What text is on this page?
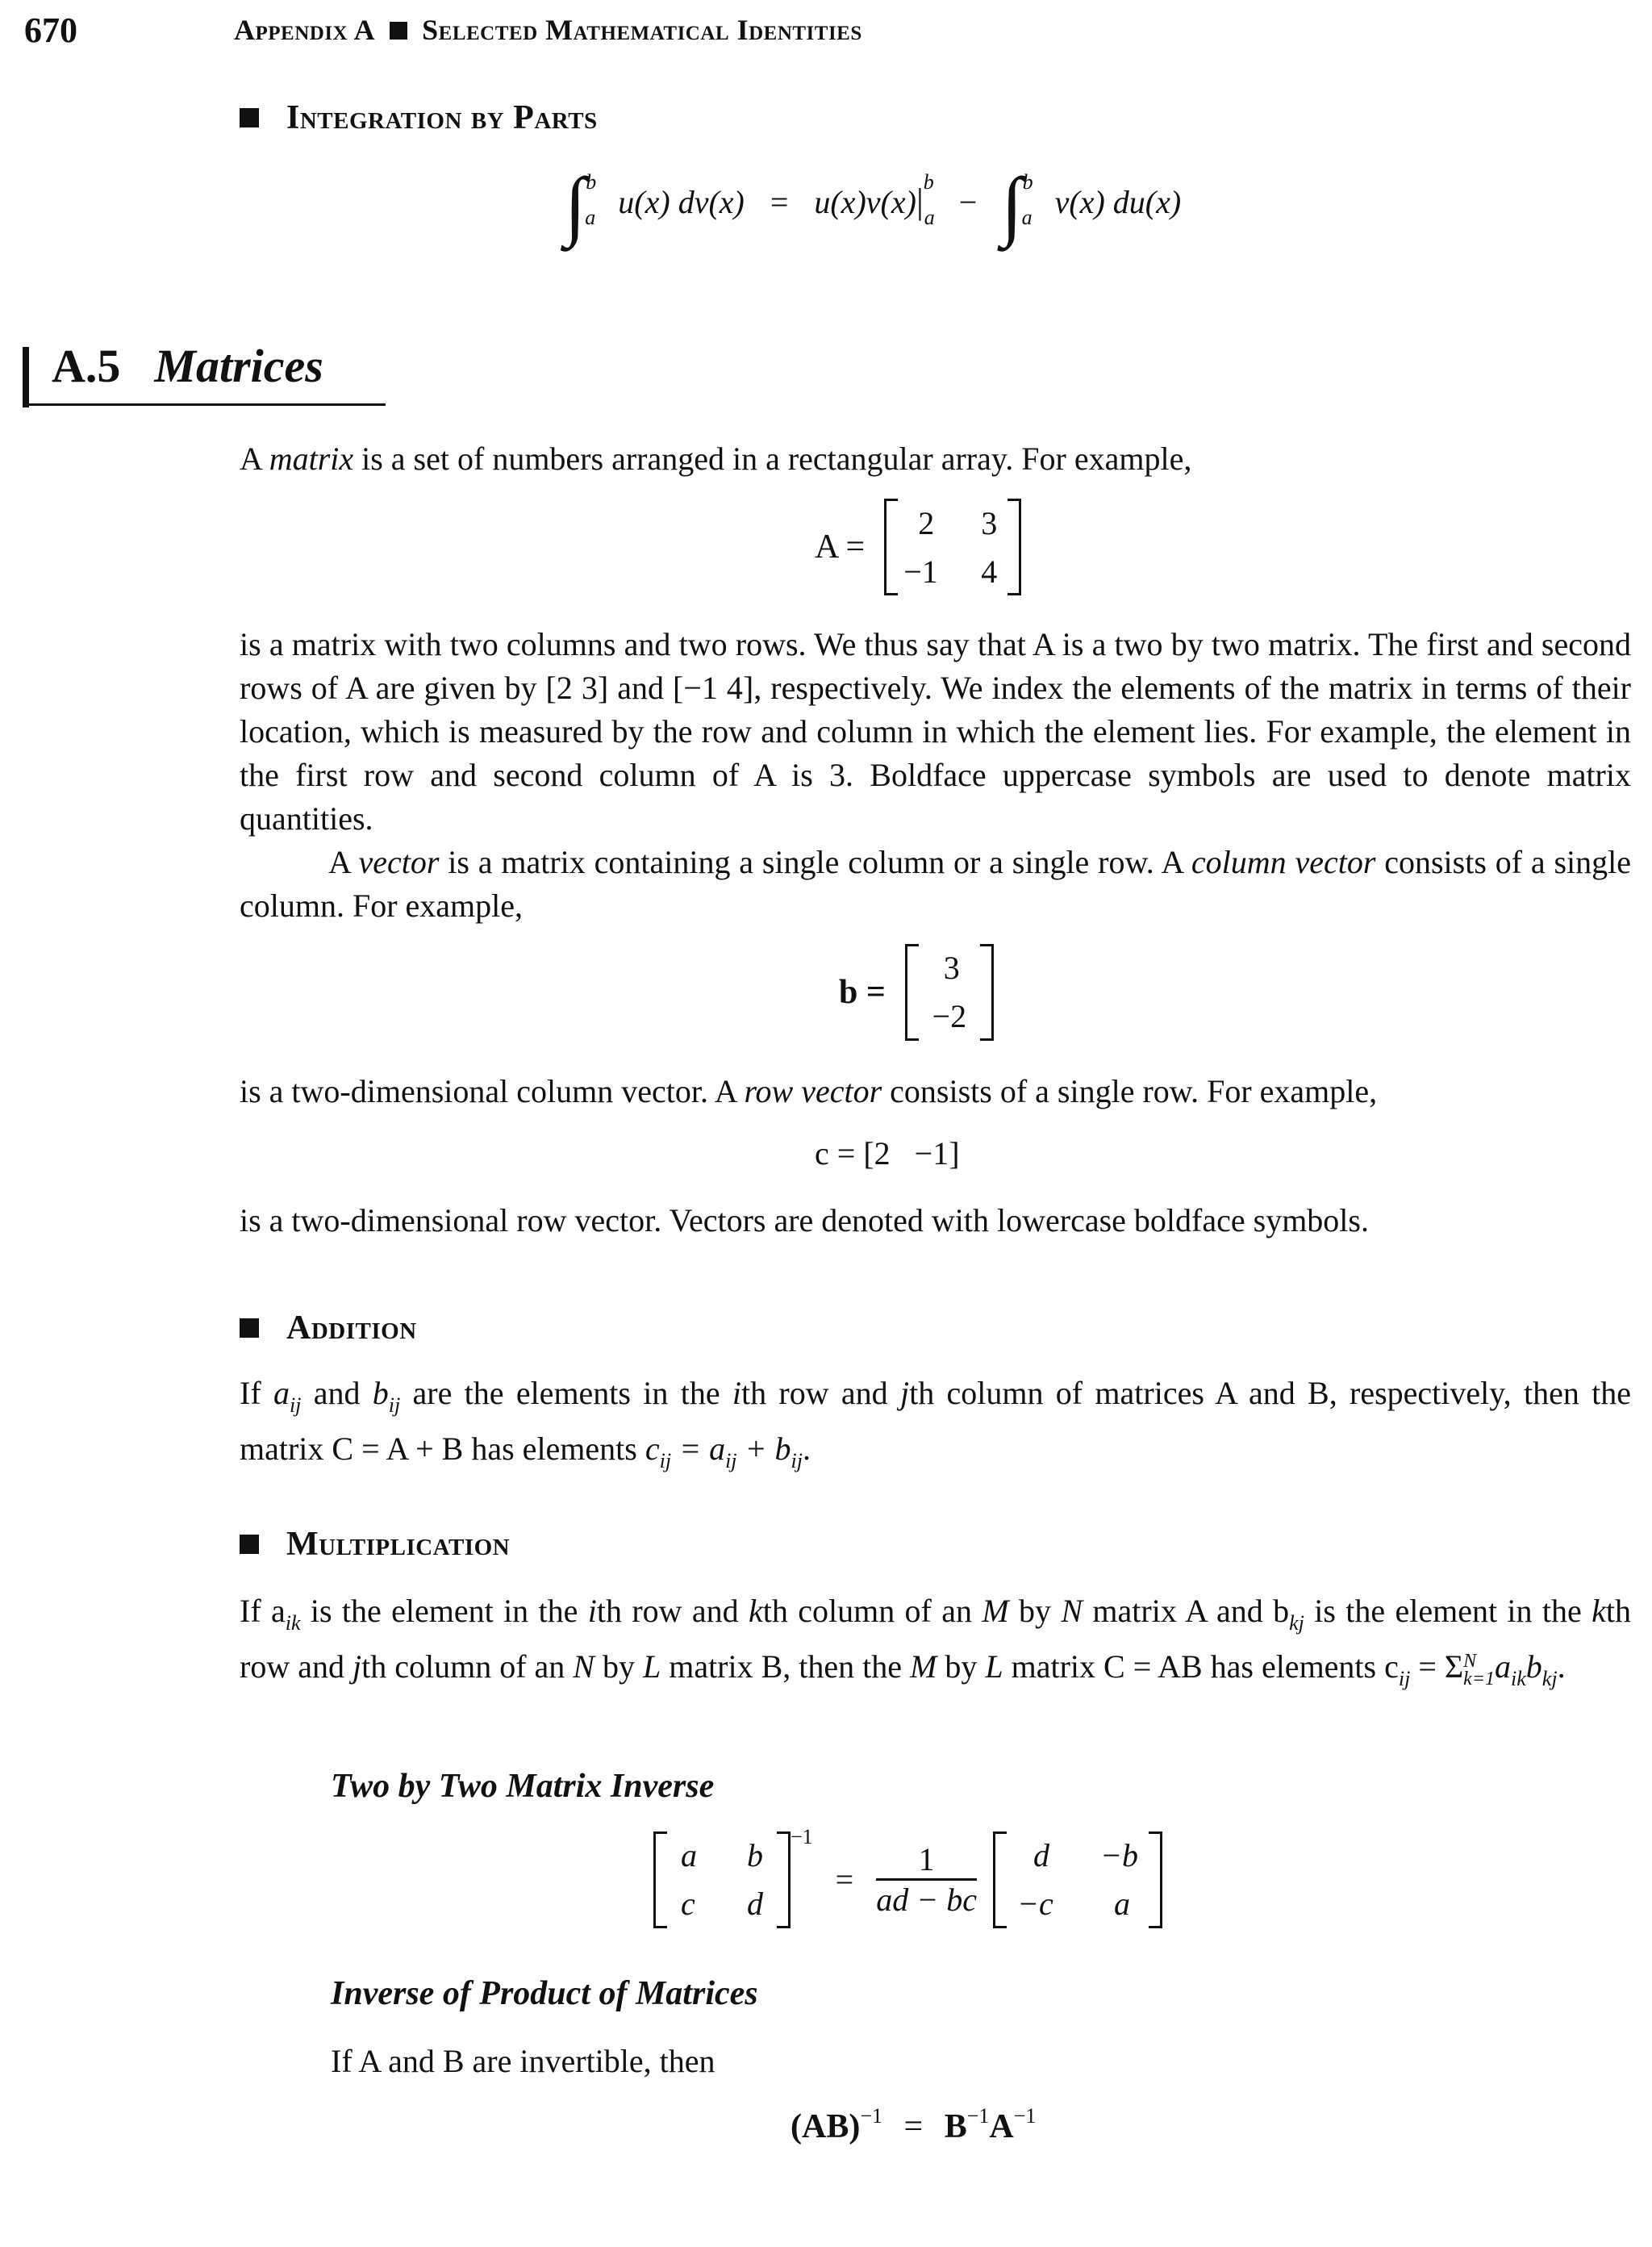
670	Appendix A Selected Mathematical Identities
Integration by Parts
∫$^b_a$ u(x) $dv(x) = u(x)v(x)|^b_a - \int^b_a$ v(x) du(x)
A.5 Matrices

A matrix is a set of numbers arranged in a rectangular array. For example,

A =
2 3
−1 4

is a matrix with two columns and two rows. We thus say that A is a two by two matrix. The first and second rows of A are given by [2 3] and [−1 4], respectively. We index the elements of the matrix in terms of their location, which is measured by the row and column in which the element lies. For example, the element in the first row and second column of A is 3. Boldface uppercase symbols are used to denote matrix quantities.

A vector is a matrix containing a single column or a single row. A column vector consists of a single column. For example,

b =
3
−2

is a two-dimensional column vector. A row vector consists of a single row. For example,

c = [2   −1]

is a two-dimensional row vector. Vectors are denoted with lowercase boldface symbols.

Addition

If $a_{ij}$ and $b_{ij}$ are the elements in the ith row and jth column of matrices A and B, respectively, then the matrix C = A + B has elements $c_{ij} = a_{ij} + b_{ij}$.

Multiplication

If $a_{ik}$ is the element in the ith row and kth column of an M by N matrix A and $b_{kj}$ is the element in the kth row and jth column of an N by L matrix B, then the M by L matrix C = AB has elements $c_{ij} = \Sigma$ N
k=1 $a_{ik}b_{kj}$.

Two by Two Matrix Inverse
a b
c d
$^{-1} = \frac{1}{ad - bc}$
d −b
−c a
Inverse of Product of Matrices

If A and B are invertible, then

$(AB)^{-1} = B^{-1}A^{-1}$
